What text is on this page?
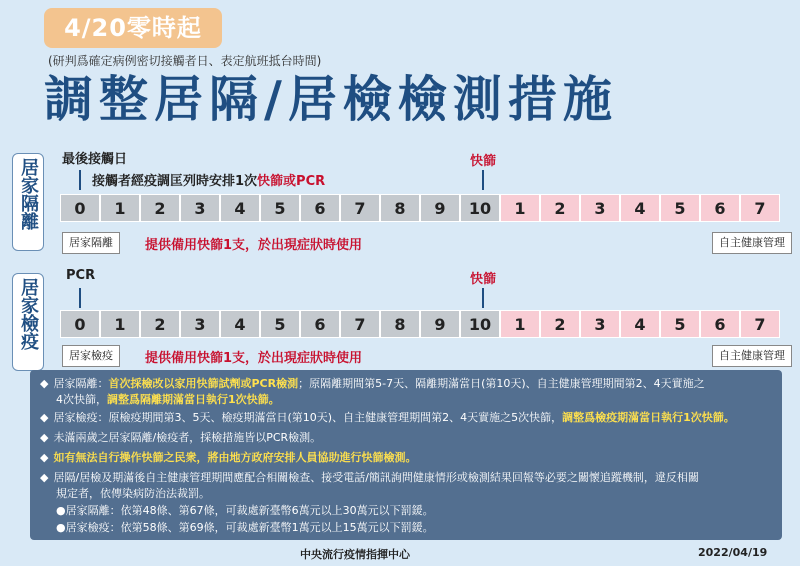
4/20零時起
(研判爲確定病例密切接觸者日、表定航班抵台時間)
調整居隔/居檢檢測措施
居家隔離	最後接觸日
接觸者經疫調匡列時安排1次快篩或PCR
快篩
0	1	2	3	4	5	6	7	8	9	10	1	2	3	4	5	6	7
居家隔離	提供備用快篩1支，於出現症狀時使用	自主健康管理
居家檢疫
PCR	快篩
0	1	2	3	4	5	6	7	8	9	10	1	2	3	4	5	6	7
居家檢疫	提供備用快篩1支，於出現症狀時使用	自主健康管理
◆ 居家隔離：首次採檢改以家用快篩試劑或PCR檢測；原隔離期間第5-7天、隔離期滿當日(第10天)、自主健康管理期間第2、4天實施之
4次快篩，調整爲隔離期滿當日執行1次快篩。
◆ 居家檢疫：原檢疫期間第3、5天、檢疫期滿當日(第10天)、自主健康管理期間第2、4天實施之5次快篩，調整爲檢疫期滿當日執行1次快篩。
◆ 未滿兩歲之居家隔離/檢疫者，採檢措施皆以PCR檢測。
◆ 如有無法自行操作快篩之民衆，將由地方政府安排人員協助進行快篩檢測。
◆ 居隔/居檢及期滿後自主健康管理期間應配合相關檢查、接受電話/簡訊詢問健康情形或檢測結果回報等必要之關懷追蹤機制，違反相關
規定者，依傳染病防治法裁罰。
●居家隔離：依第48條、第67條，可裁處新臺幣6萬元以上30萬元以下罰鍰。
●居家檢疫：依第58條、第69條，可裁處新臺幣1萬元以上15萬元以下罰鍰。
中央流行疫情指揮中心	2022/04/19
